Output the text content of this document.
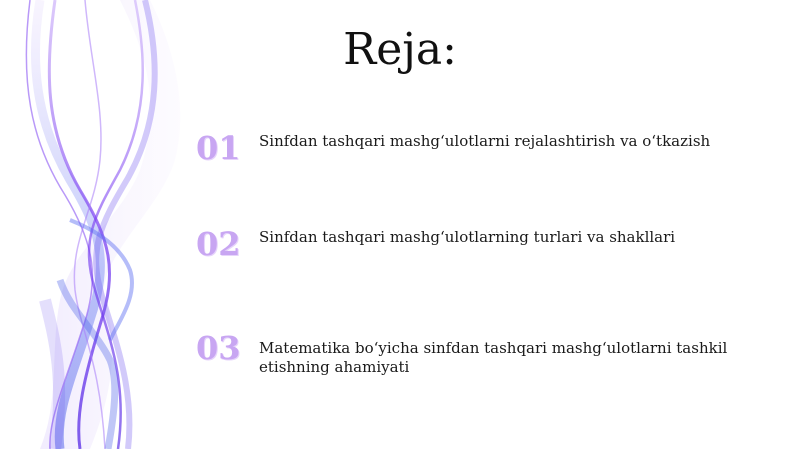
Reja:
01	Sinfdan tashqari mashg‘ulotlarni rejalashtirish va o‘tkazish
02	Sinfdan tashqari mashg‘ulotlarning turlari va shakllari
03	Matematika bo‘yicha sinfdan tashqari mashg‘ulotlarni tashkil etishning ahamiyati
